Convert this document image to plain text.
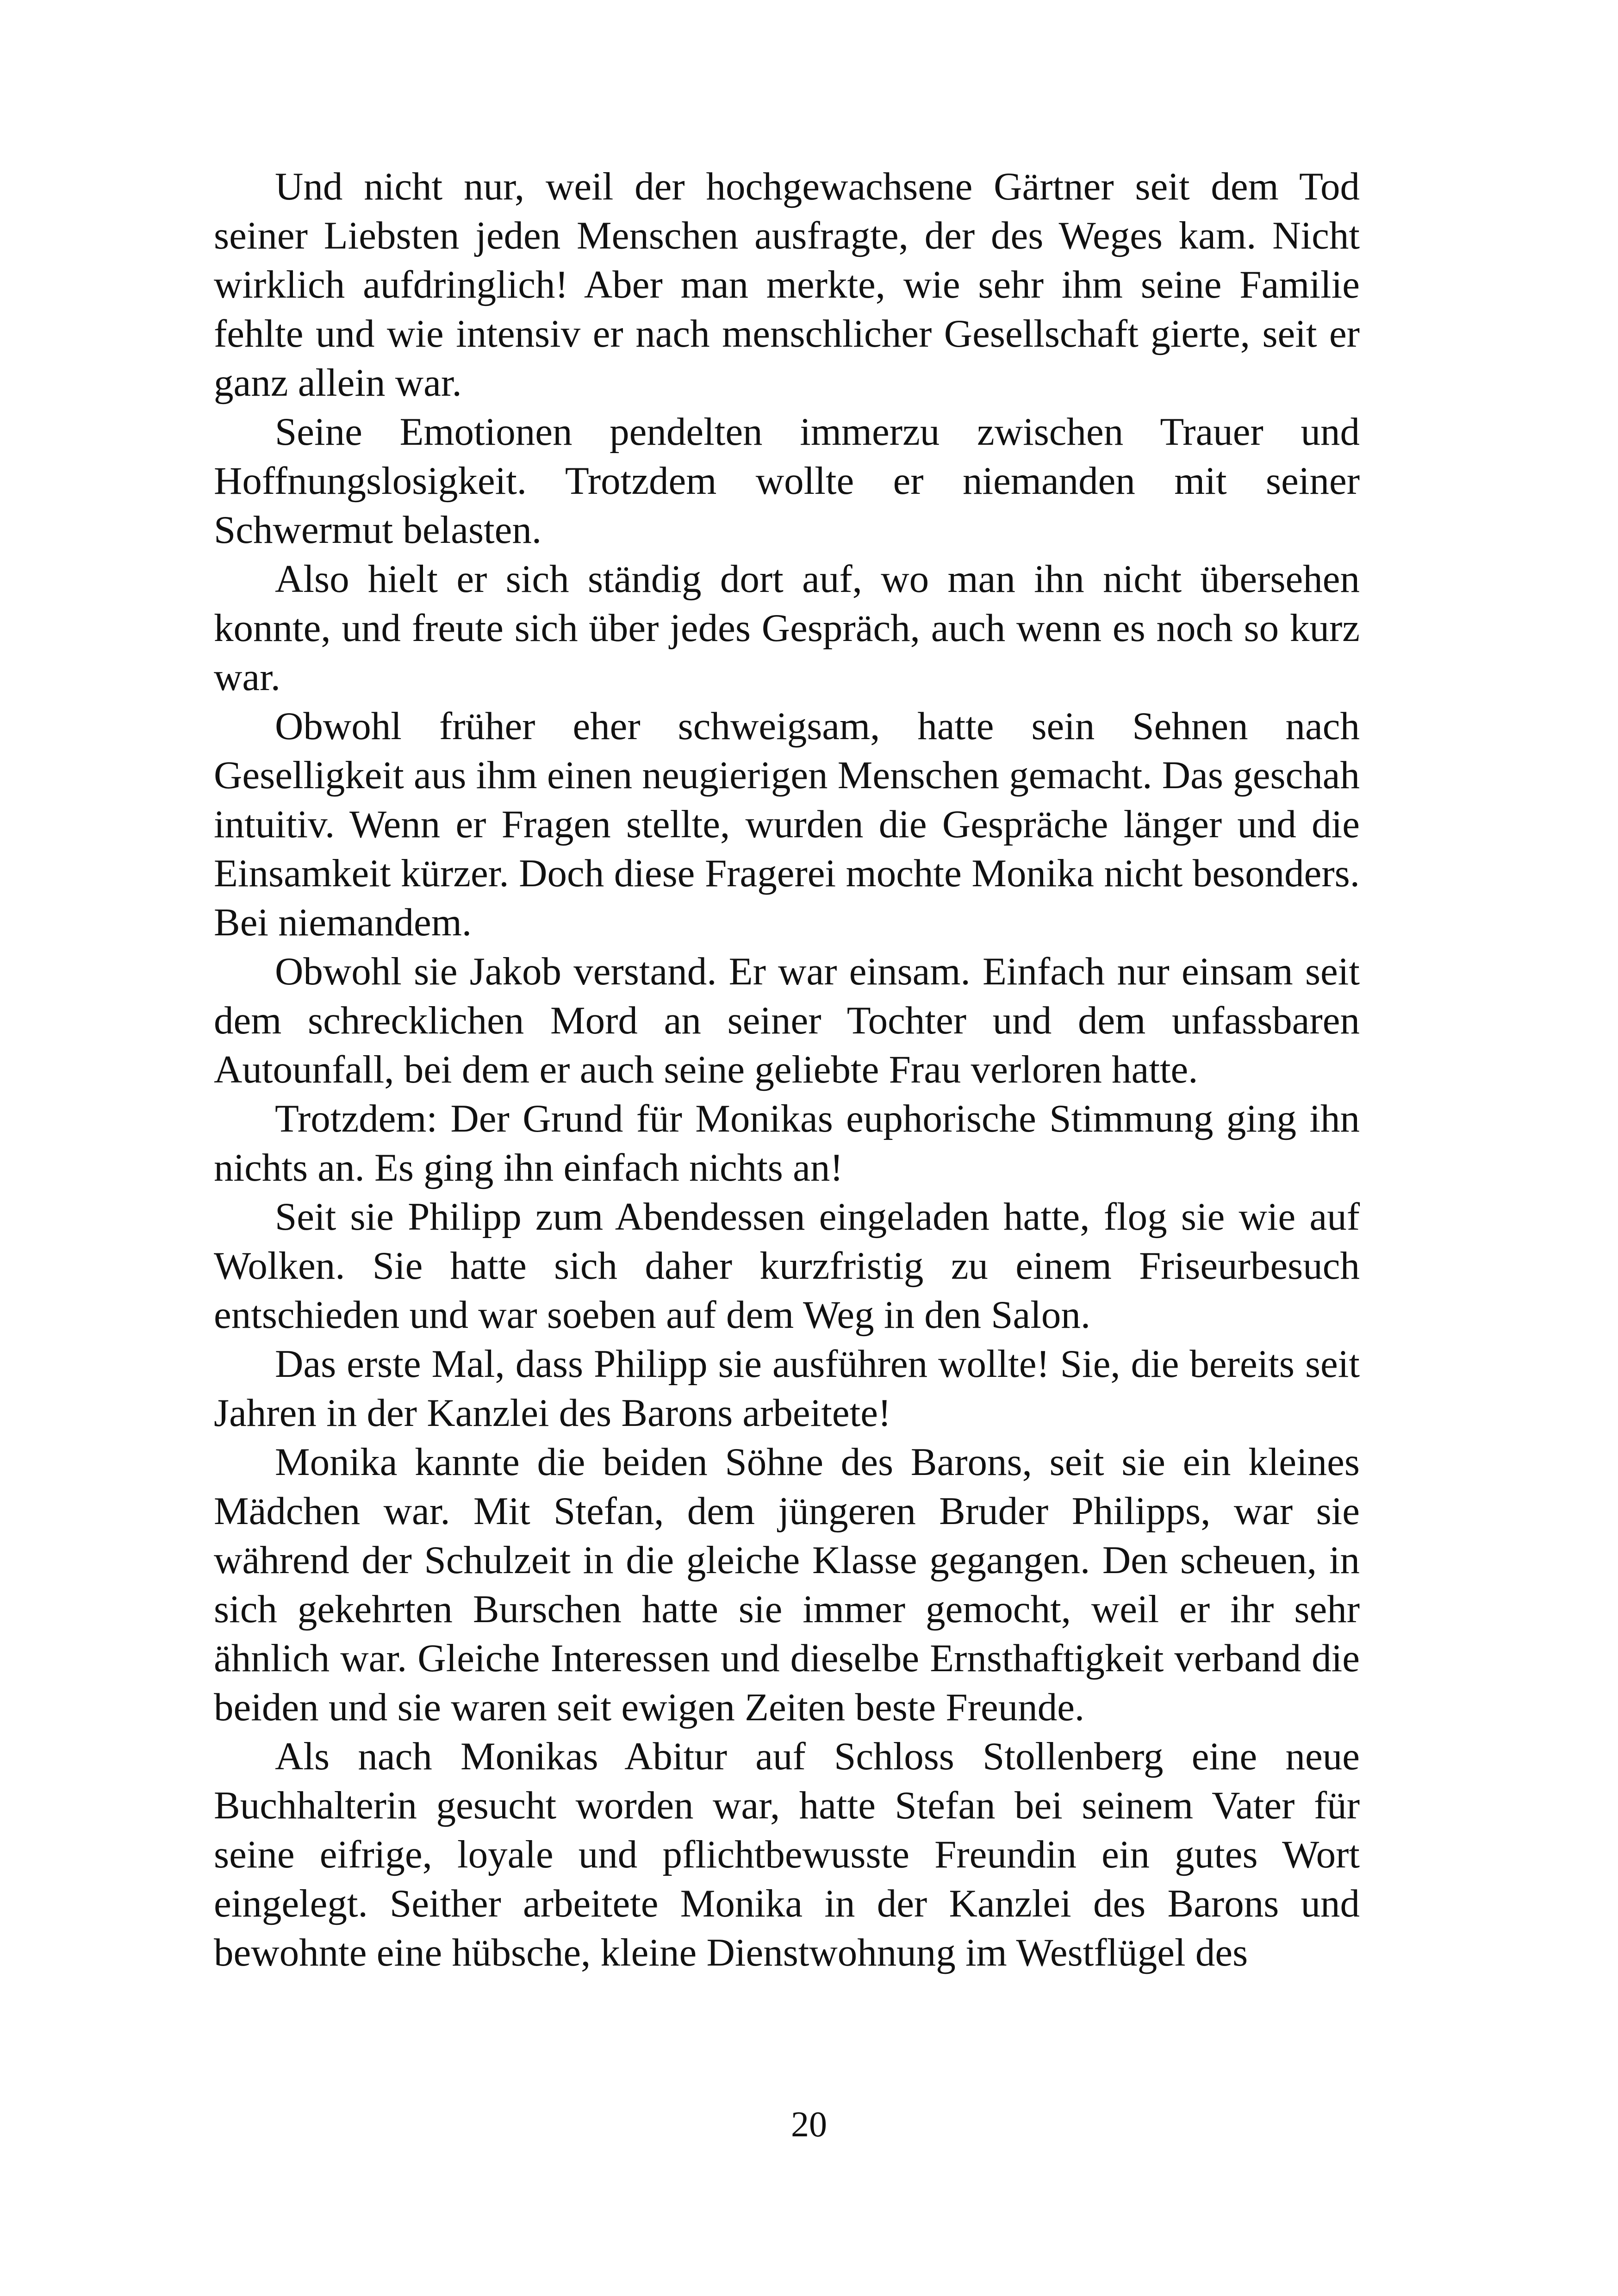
Und nicht nur, weil der hochgewachsene Gärtner seit dem Tod seiner Liebsten jeden Menschen ausfragte, der des Weges kam. Nicht wirklich aufdringlich! Aber man merkte, wie sehr ihm seine Familie fehlte und wie intensiv er nach menschlicher Gesellschaft gierte, seit er ganz allein war.

Seine Emotionen pendelten immerzu zwischen Trauer und Hoffnungslosigkeit. Trotzdem wollte er niemanden mit seiner Schwermut belasten.

Also hielt er sich ständig dort auf, wo man ihn nicht übersehen konnte, und freute sich über jedes Gespräch, auch wenn es noch so kurz war.

Obwohl früher eher schweigsam, hatte sein Sehnen nach Geselligkeit aus ihm einen neugierigen Menschen gemacht. Das geschah intuitiv. Wenn er Fragen stellte, wurden die Gespräche länger und die Einsamkeit kürzer. Doch diese Fragerei mochte Monika nicht besonders. Bei niemandem.

Obwohl sie Jakob verstand. Er war einsam. Einfach nur einsam seit dem schrecklichen Mord an seiner Tochter und dem unfassbaren Autounfall, bei dem er auch seine geliebte Frau verloren hatte.

Trotzdem: Der Grund für Monikas euphorische Stimmung ging ihn nichts an. Es ging ihn einfach nichts an!

Seit sie Philipp zum Abendessen eingeladen hatte, flog sie wie auf Wolken. Sie hatte sich daher kurzfristig zu einem Friseurbesuch entschieden und war soeben auf dem Weg in den Salon.

Das erste Mal, dass Philipp sie ausführen wollte! Sie, die bereits seit Jahren in der Kanzlei des Barons arbeitete!

Monika kannte die beiden Söhne des Barons, seit sie ein kleines Mädchen war. Mit Stefan, dem jüngeren Bruder Philipps, war sie während der Schulzeit in die gleiche Klasse gegangen. Den scheuen, in sich gekehrten Burschen hatte sie immer gemocht, weil er ihr sehr ähnlich war. Gleiche Interessen und dieselbe Ernsthaftigkeit verband die beiden und sie waren seit ewigen Zeiten beste Freunde.

Als nach Monikas Abitur auf Schloss Stollenberg eine neue Buchhalterin gesucht worden war, hatte Stefan bei seinem Vater für seine eifrige, loyale und pflichtbewusste Freundin ein gutes Wort eingelegt. Seither arbeitete Monika in der Kanzlei des Barons und bewohnte eine hübsche, kleine Dienstwohnung im Westflügel des

20
